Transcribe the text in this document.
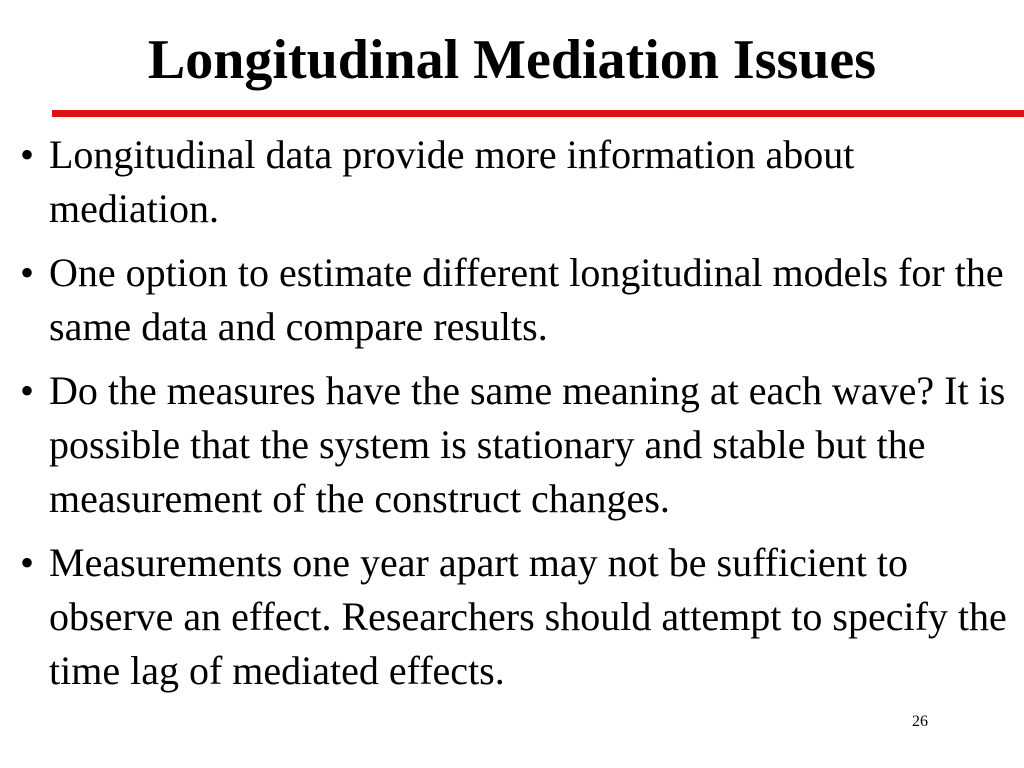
Longitudinal Mediation Issues
• Longitudinal data provide more information about mediation.
• One option to estimate different longitudinal models for the same data and compare results.
• Do the measures have the same meaning at each wave? It is possible that the system is stationary and stable but the measurement of the construct changes.
• Measurements one year apart may not be sufficient to observe an effect. Researchers should attempt to specify the time lag of mediated effects.
26
